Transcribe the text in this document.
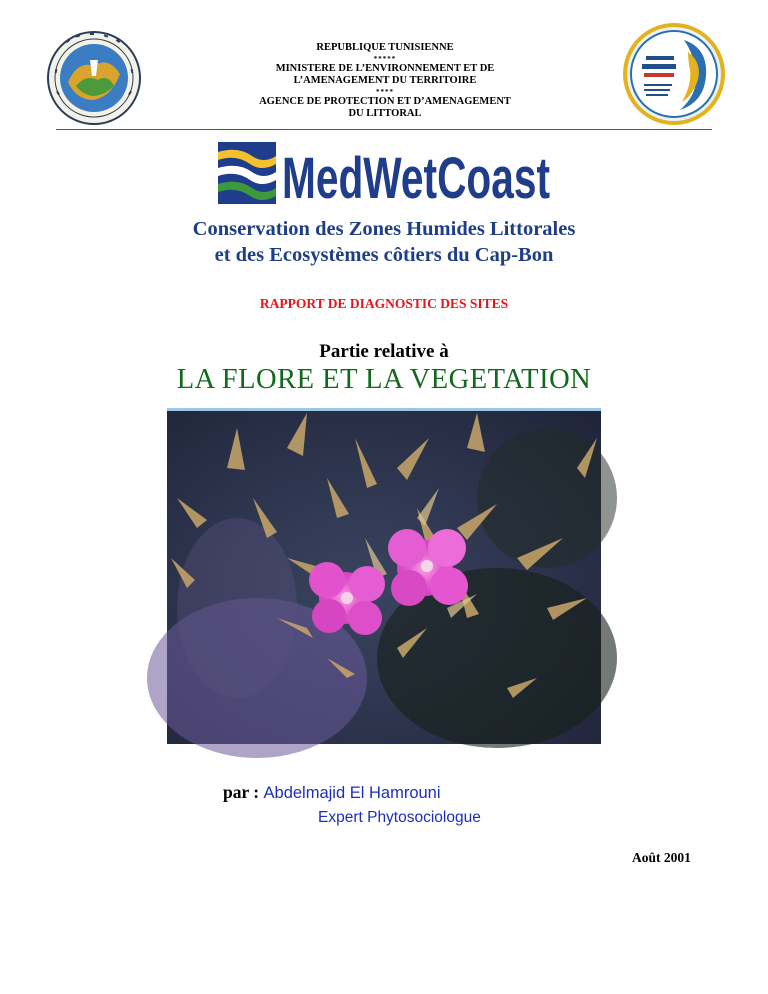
REPUBLIQUE TUNISIENNE
*****
MINISTERE DE L’ENVIRONNEMENT ET DE
L’AMENAGEMENT DU TERRITOIRE
****
AGENCE DE PROTECTION ET D’AMENAGEMENT
DU LITTORAL
MedWetCoast
Conservation des Zones Humides Littorales
et des Ecosystèmes côtiers du Cap-Bon
RAPPORT DE DIAGNOSTIC DES SITES
Partie relative à
LA FLORE ET LA VEGETATION
par : Abdelmajid El Hamrouni
Expert Phytosociologue
Août 2001
